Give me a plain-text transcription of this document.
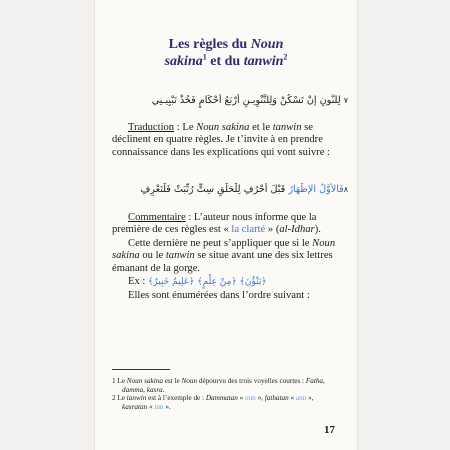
Les règles du Noun
sakina$^1$ et du tanwin$^2$
٧ لِلنُّونِ إنْ تَسْكُنْ وَلِلتَّنْوِيـنِ أَرْبَعُ أَحْكَامٍ فَخُذْ تَبْيِيـنِي

Traduction : Le Noun sakina et le tanwin se déclinent en quatre règles. Je t’invite à en prendre connaissance dans les explications qui vont suivre :

٨فَالأَوَّلُ الإظْهَارُ قَبْلَ أَحْرُفِ لِلْحَلْقِ سِتٍّ رُتِّبَتْ فَلْتَعْرِفِ

Commentaire : L’auteur nous informe que la première de ces règles est « la clarté » (al-Idhar).

Cette dernière ne peut s’appliquer que si le Noun sakina ou le tanwin se situe avant une des six lettres émanant de la gorge.

Ex : ﴿يَنْؤُنَ﴾ ﴿مِنْ عِلْمٍ﴾ ﴿عَلِيمٌ خَبِيرٌ﴾

Elles sont énumérées dans l’ordre suivant :

1 Le Noun sakina est le Noun dépourvu des trois voyelles courtes : Fatha, damma, kasra.
2 Le tanwin est à l’exemple de : Dammatan « oun », fathatan « ann », kasratan « inn ».
17
